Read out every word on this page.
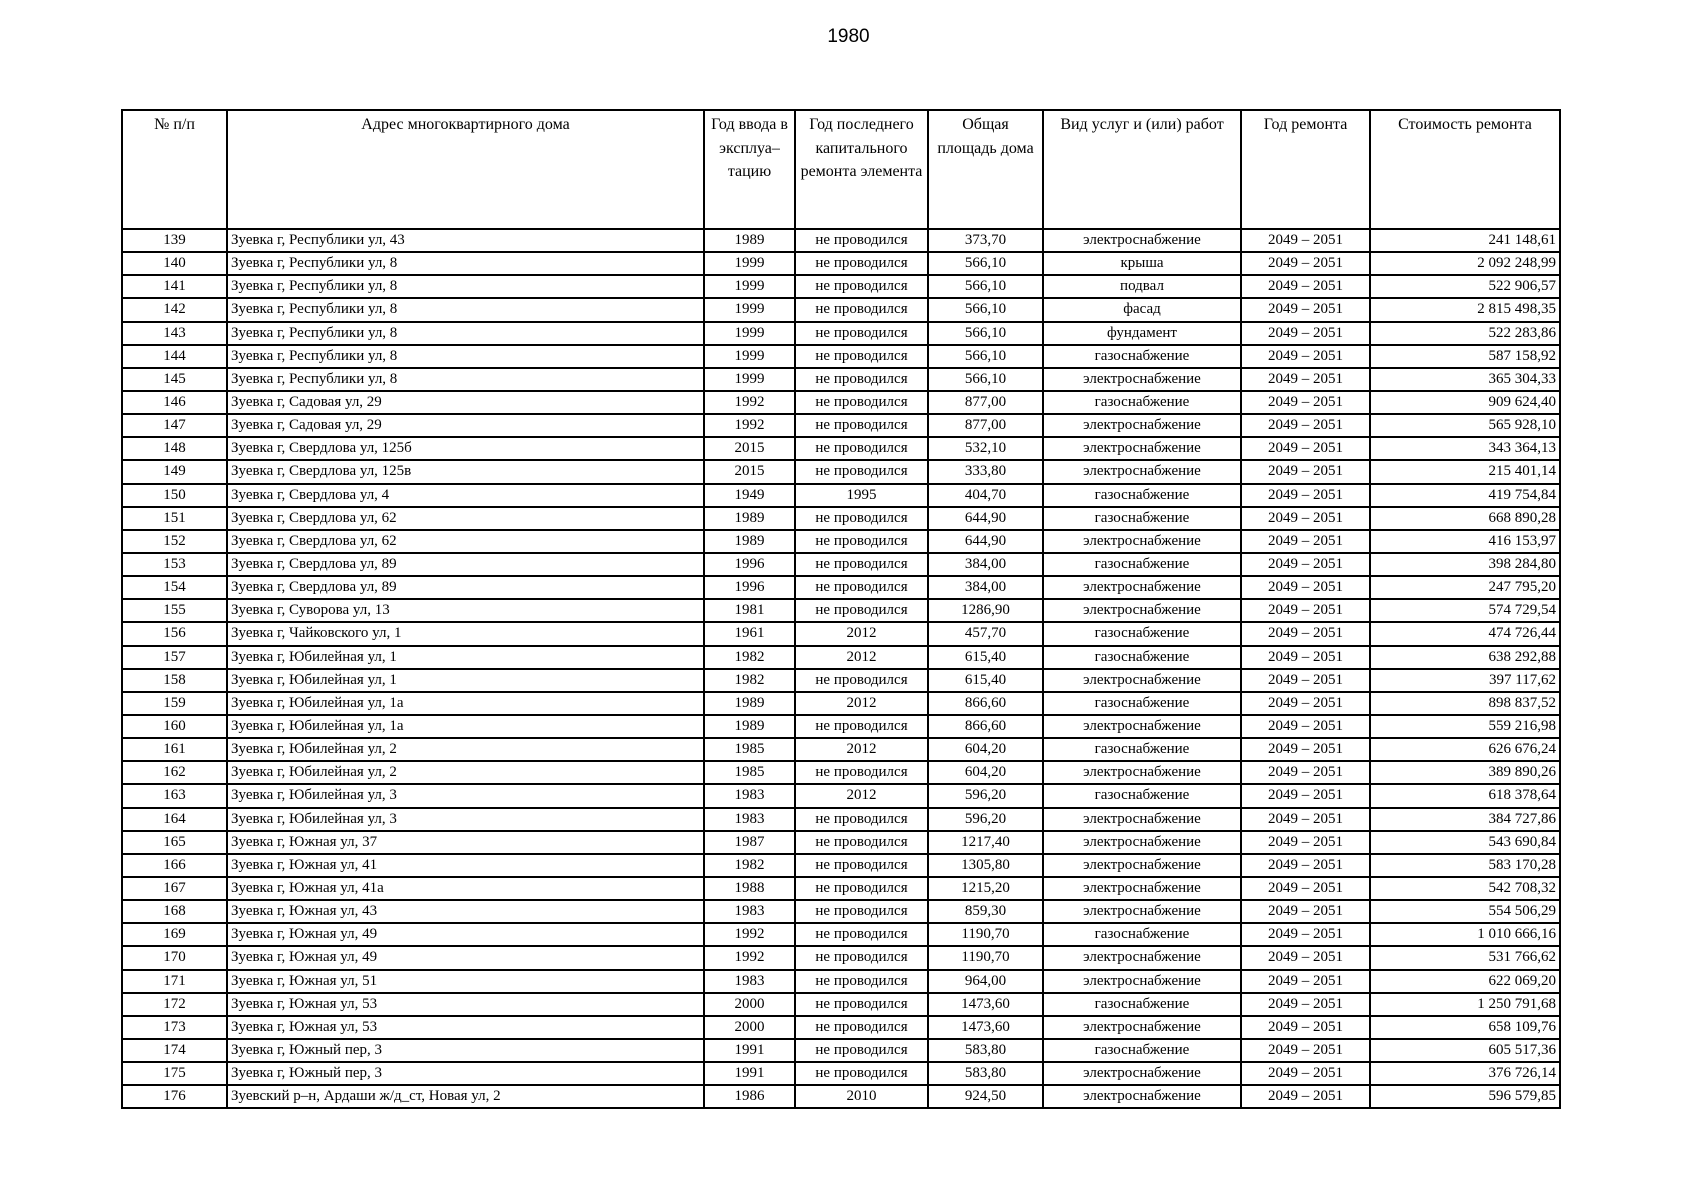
1980
№ п/п	Адрес многоквартирного дома	Год ввода в эксплуа–тацию	Год последнего капитального ремонта элемента	Общая площадь дома	Вид услуг и (или) работ	Год ремонта	Стоимость ремонта
139	Зуевка г, Республики ул, 43	1989	не проводился	373,70	электроснабжение	2049 – 2051	241 148,61
140	Зуевка г, Республики ул, 8	1999	не проводился	566,10	крыша	2049 – 2051	2 092 248,99
141	Зуевка г, Республики ул, 8	1999	не проводился	566,10	подвал	2049 – 2051	522 906,57
142	Зуевка г, Республики ул, 8	1999	не проводился	566,10	фасад	2049 – 2051	2 815 498,35
143	Зуевка г, Республики ул, 8	1999	не проводился	566,10	фундамент	2049 – 2051	522 283,86
144	Зуевка г, Республики ул, 8	1999	не проводился	566,10	газоснабжение	2049 – 2051	587 158,92
145	Зуевка г, Республики ул, 8	1999	не проводился	566,10	электроснабжение	2049 – 2051	365 304,33
146	Зуевка г, Садовая ул, 29	1992	не проводился	877,00	газоснабжение	2049 – 2051	909 624,40
147	Зуевка г, Садовая ул, 29	1992	не проводился	877,00	электроснабжение	2049 – 2051	565 928,10
148	Зуевка г, Свердлова ул, 125б	2015	не проводился	532,10	электроснабжение	2049 – 2051	343 364,13
149	Зуевка г, Свердлова ул, 125в	2015	не проводился	333,80	электроснабжение	2049 – 2051	215 401,14
150	Зуевка г, Свердлова ул, 4	1949	1995	404,70	газоснабжение	2049 – 2051	419 754,84
151	Зуевка г, Свердлова ул, 62	1989	не проводился	644,90	газоснабжение	2049 – 2051	668 890,28
152	Зуевка г, Свердлова ул, 62	1989	не проводился	644,90	электроснабжение	2049 – 2051	416 153,97
153	Зуевка г, Свердлова ул, 89	1996	не проводился	384,00	газоснабжение	2049 – 2051	398 284,80
154	Зуевка г, Свердлова ул, 89	1996	не проводился	384,00	электроснабжение	2049 – 2051	247 795,20
155	Зуевка г, Суворова ул, 13	1981	не проводился	1286,90	электроснабжение	2049 – 2051	574 729,54
156	Зуевка г, Чайковского ул, 1	1961	2012	457,70	газоснабжение	2049 – 2051	474 726,44
157	Зуевка г, Юбилейная ул, 1	1982	2012	615,40	газоснабжение	2049 – 2051	638 292,88
158	Зуевка г, Юбилейная ул, 1	1982	не проводился	615,40	электроснабжение	2049 – 2051	397 117,62
159	Зуевка г, Юбилейная ул, 1а	1989	2012	866,60	газоснабжение	2049 – 2051	898 837,52
160	Зуевка г, Юбилейная ул, 1а	1989	не проводился	866,60	электроснабжение	2049 – 2051	559 216,98
161	Зуевка г, Юбилейная ул, 2	1985	2012	604,20	газоснабжение	2049 – 2051	626 676,24
162	Зуевка г, Юбилейная ул, 2	1985	не проводился	604,20	электроснабжение	2049 – 2051	389 890,26
163	Зуевка г, Юбилейная ул, 3	1983	2012	596,20	газоснабжение	2049 – 2051	618 378,64
164	Зуевка г, Юбилейная ул, 3	1983	не проводился	596,20	электроснабжение	2049 – 2051	384 727,86
165	Зуевка г, Южная ул, 37	1987	не проводился	1217,40	электроснабжение	2049 – 2051	543 690,84
166	Зуевка г, Южная ул, 41	1982	не проводился	1305,80	электроснабжение	2049 – 2051	583 170,28
167	Зуевка г, Южная ул, 41а	1988	не проводился	1215,20	электроснабжение	2049 – 2051	542 708,32
168	Зуевка г, Южная ул, 43	1983	не проводился	859,30	электроснабжение	2049 – 2051	554 506,29
169	Зуевка г, Южная ул, 49	1992	не проводился	1190,70	газоснабжение	2049 – 2051	1 010 666,16
170	Зуевка г, Южная ул, 49	1992	не проводился	1190,70	электроснабжение	2049 – 2051	531 766,62
171	Зуевка г, Южная ул, 51	1983	не проводился	964,00	электроснабжение	2049 – 2051	622 069,20
172	Зуевка г, Южная ул, 53	2000	не проводился	1473,60	газоснабжение	2049 – 2051	1 250 791,68
173	Зуевка г, Южная ул, 53	2000	не проводился	1473,60	электроснабжение	2049 – 2051	658 109,76
174	Зуевка г, Южный пер, 3	1991	не проводился	583,80	газоснабжение	2049 – 2051	605 517,36
175	Зуевка г, Южный пер, 3	1991	не проводился	583,80	электроснабжение	2049 – 2051	376 726,14
176	Зуевский р–н, Ардаши ж/д_ст, Новая ул, 2	1986	2010	924,50	электроснабжение	2049 – 2051	596 579,85
